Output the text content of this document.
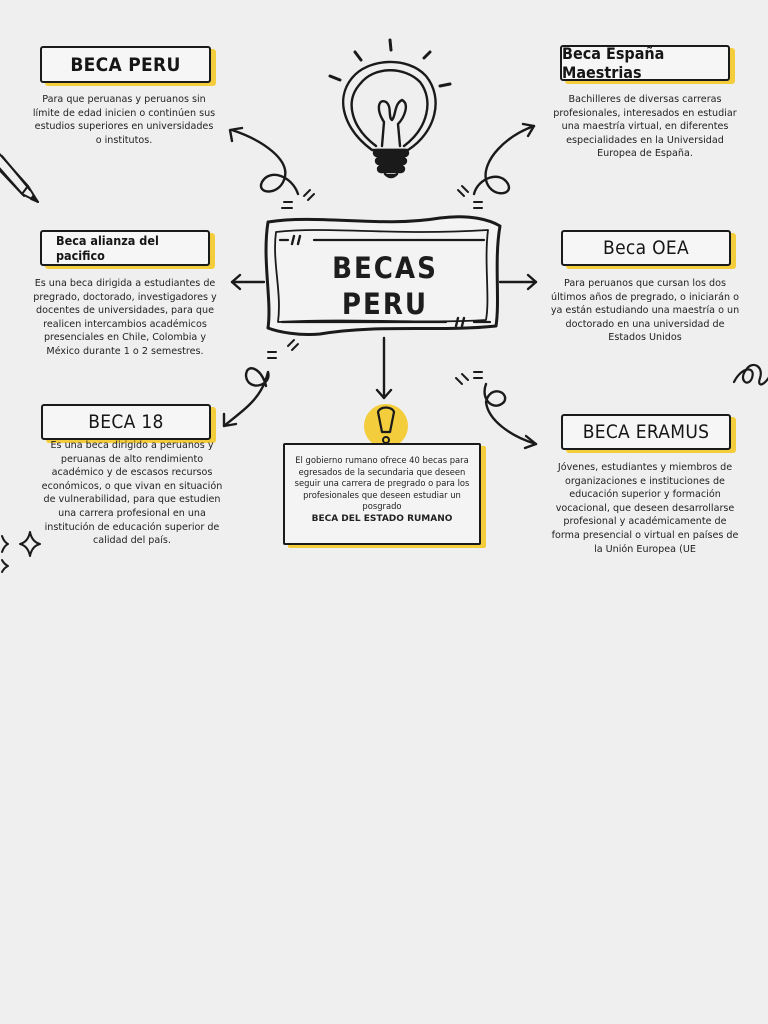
BECAS
PERU
BECA PERU
Para que peruanas y peruanos sin límite de edad inicien o continúen sus estudios superiores en universidades o institutos.
Beca España Maestrias
Bachilleres de diversas carreras profesionales, interesados en estudiar una maestría virtual, en diferentes especialidades en la Universidad Europea de España.
Beca alianza del pacifico
Es una beca dirigida a estudiantes de pregrado, doctorado, investigadores y docentes de universidades, para que realicen intercambios académicos presenciales en Chile, Colombia y México durante 1 o 2 semestres.
Beca OEA
Para peruanos que cursan los dos últimos años de pregrado, o iniciarán o ya están estudiando una maestría o un doctorado en una universidad de Estados Unidos
BECA 18
Es una beca dirigido a peruanos y peruanas de alto rendimiento académico y de escasos recursos económicos, o que vivan en situación de vulnerabilidad, para que estudien una carrera profesional en una institución de educación superior de calidad del país.
BECA ERAMUS
Jóvenes, estudiantes y miembros de organizaciones e instituciones de educación superior y formación vocacional, que deseen desarrollarse profesional y académicamente de forma presencial o virtual en países de la Unión Europea (UE
El gobierno rumano ofrece 40 becas para egresados de la secundaria que deseen seguir una carrera de pregrado o para los profesionales que deseen estudiar un posgrado
BECA DEL ESTADO RUMANO
